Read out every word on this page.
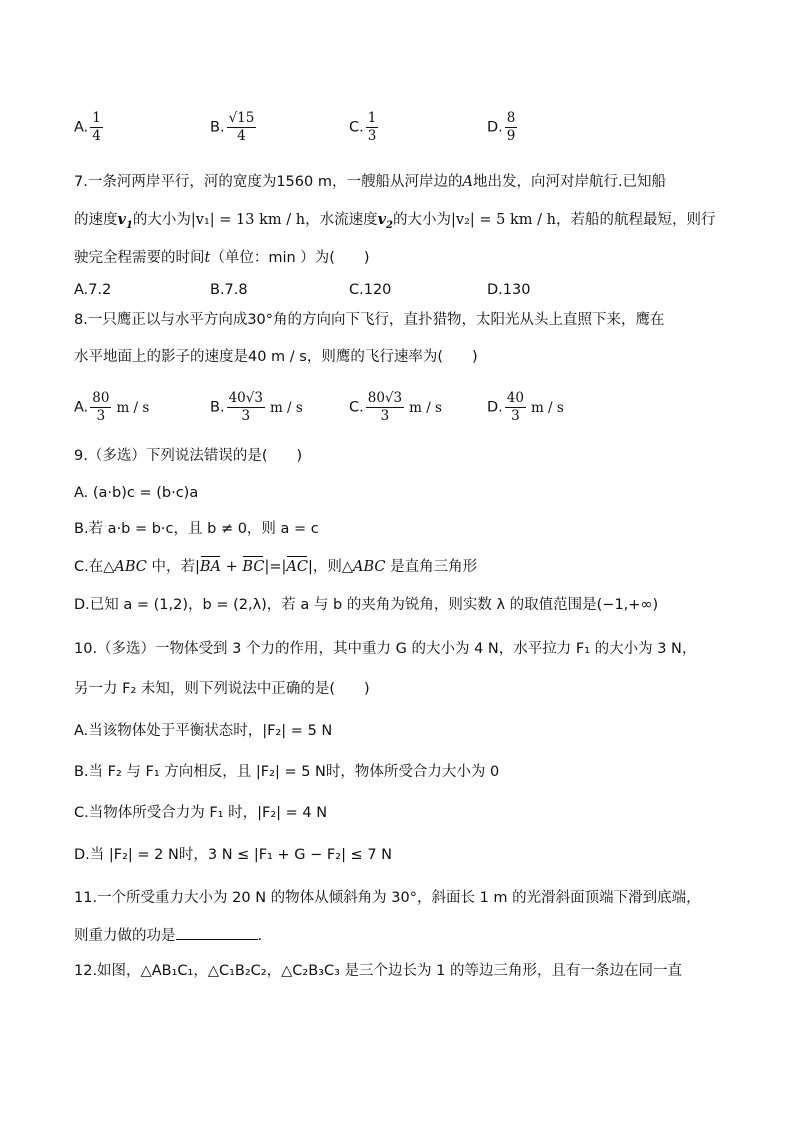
A. $\frac{1}{4}$	B. $\frac{√15}{4}$	C. $\frac{1}{3}$	D. $\frac{8}{9}$
7.一条河两岸平行，河的宽度为1560 m，一艘船从河岸边的A地出发，向河对岸航行.已知船
的速度$v_1$的大小为|v₁| = 13 km / h，水流速度$v_2$的大小为|v₂| = 5 km / h，若船的航程最短，则行
驶完全程需要的时间t（单位：min ）为(　　)
A.7.2	B.7.8	C.120	D.130
8.一只鹰正以与水平方向成30°角的方向向下飞行，直扑猎物，太阳光从头上直照下来，鹰在
水平地面上的影子的速度是40 m / s，则鹰的飞行速率为(　　)
A. $\frac{80}{3}$ m / s	B. $\frac{40√3}{3}$ m / s	C. $\frac{80√3}{3}$ m / s	D. $\frac{40}{3}$ m / s
9.（多选）下列说法错误的是(　　)
A. (a·b)c = (b·c)a
B.若 a·b = b·c，且 b ≠ 0，则 a = c
C.在△ABC 中，若|BA + BC|=|AC|，则△ABC 是直角三角形
D.已知 a = (1,2)，b = (2,λ)，若 a 与 b 的夹角为锐角，则实数 λ 的取值范围是(−1,+∞)
10.（多选）一物体受到 3 个力的作用，其中重力 G 的大小为 4 N，水平拉力 F₁ 的大小为 3 N，
另一力 F₂ 未知，则下列说法中正确的是(　　)
A.当该物体处于平衡状态时，|F₂| = 5 N
B.当 F₂ 与 F₁ 方向相反，且 |F₂| = 5 N时，物体所受合力大小为 0
C.当物体所受合力为 F₁ 时，|F₂| = 4 N
D.当 |F₂| = 2 N时，3 N ≤ |F₁ + G − F₂| ≤ 7 N
11.一个所受重力大小为 20 N 的物体从倾斜角为 30°，斜面长 1 m 的光滑斜面顶端下滑到底端，
则重力做的功是	.
12.如图，△AB₁C₁，△C₁B₂C₂，△C₂B₃C₃ 是三个边长为 1 的等边三角形，且有一条边在同一直
